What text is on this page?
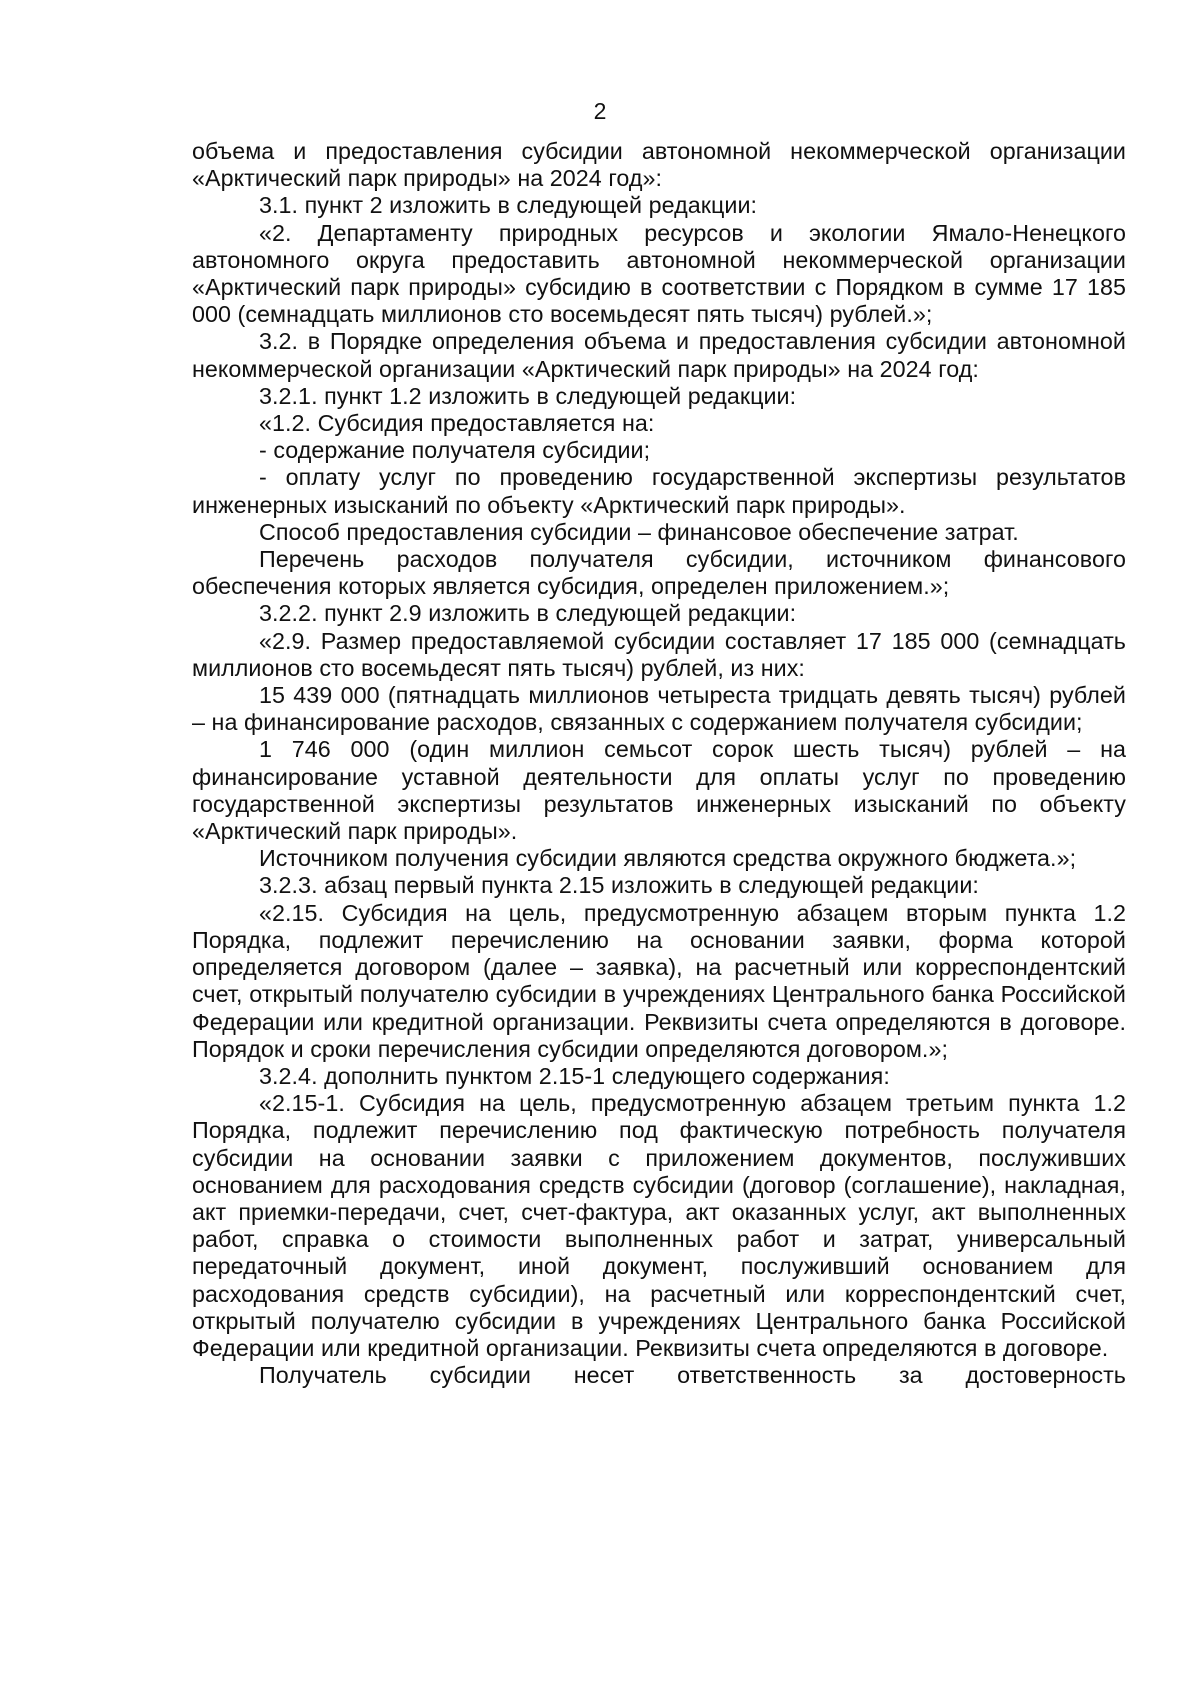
2

объема и предоставления субсидии автономной некоммерческой организации «Арктический парк природы» на 2024 год»:

3.1. пункт 2 изложить в следующей редакции:

«2. Департаменту природных ресурсов и экологии Ямало-Ненецкого автономного округа предоставить автономной некоммерческой организации «Арктический парк природы» субсидию в соответствии с Порядком в сумме 17 185 000 (семнадцать миллионов сто восемьдесят пять тысяч) рублей.»;

3.2. в Порядке определения объема и предоставления субсидии автономной некоммерческой организации «Арктический парк природы» на 2024 год:

3.2.1. пункт 1.2 изложить в следующей редакции:

«1.2. Субсидия предоставляется на:

- содержание получателя субсидии;

- оплату услуг по проведению государственной экспертизы результатов инженерных изысканий по объекту «Арктический парк природы».

Способ предоставления субсидии – финансовое обеспечение затрат.

Перечень расходов получателя субсидии, источником финансового обеспечения которых является субсидия, определен приложением.»;

3.2.2. пункт 2.9 изложить в следующей редакции:

«2.9. Размер предоставляемой субсидии составляет 17 185 000 (семнадцать миллионов сто восемьдесят пять тысяч) рублей, из них:

15 439 000 (пятнадцать миллионов четыреста тридцать девять тысяч) рублей – на финансирование расходов, связанных с содержанием получателя субсидии;

1 746 000 (один миллион семьсот сорок шесть тысяч) рублей – на финансирование уставной деятельности для оплаты услуг по проведению государственной экспертизы результатов инженерных изысканий по объекту «Арктический парк природы».

Источником получения субсидии являются средства окружного бюджета.»;

3.2.3. абзац первый пункта 2.15 изложить в следующей редакции:

«2.15. Субсидия на цель, предусмотренную абзацем вторым пункта 1.2 Порядка, подлежит перечислению на основании заявки, форма которой определяется договором (далее – заявка), на расчетный или корреспондентский счет, открытый получателю субсидии в учреждениях Центрального банка Российской Федерации или кредитной организации. Реквизиты счета определяются в договоре. Порядок и сроки перечисления субсидии определяются договором.»;

3.2.4. дополнить пунктом 2.15-1 следующего содержания:

«2.15-1. Субсидия на цель, предусмотренную абзацем третьим пункта 1.2 Порядка, подлежит перечислению под фактическую потребность получателя субсидии на основании заявки с приложением документов, послуживших основанием для расходования средств субсидии (договор (соглашение), накладная, акт приемки-передачи, счет, счет-фактура, акт оказанных услуг, акт выполненных работ, справка о стоимости выполненных работ и затрат, универсальный передаточный документ, иной документ, послуживший основанием для расходования средств субсидии), на расчетный или корреспондентский счет, открытый получателю субсидии в учреждениях Центрального банка Российской Федерации или кредитной организации. Реквизиты счета определяются в договоре.

Получатель субсидии несет ответственность за достоверность
